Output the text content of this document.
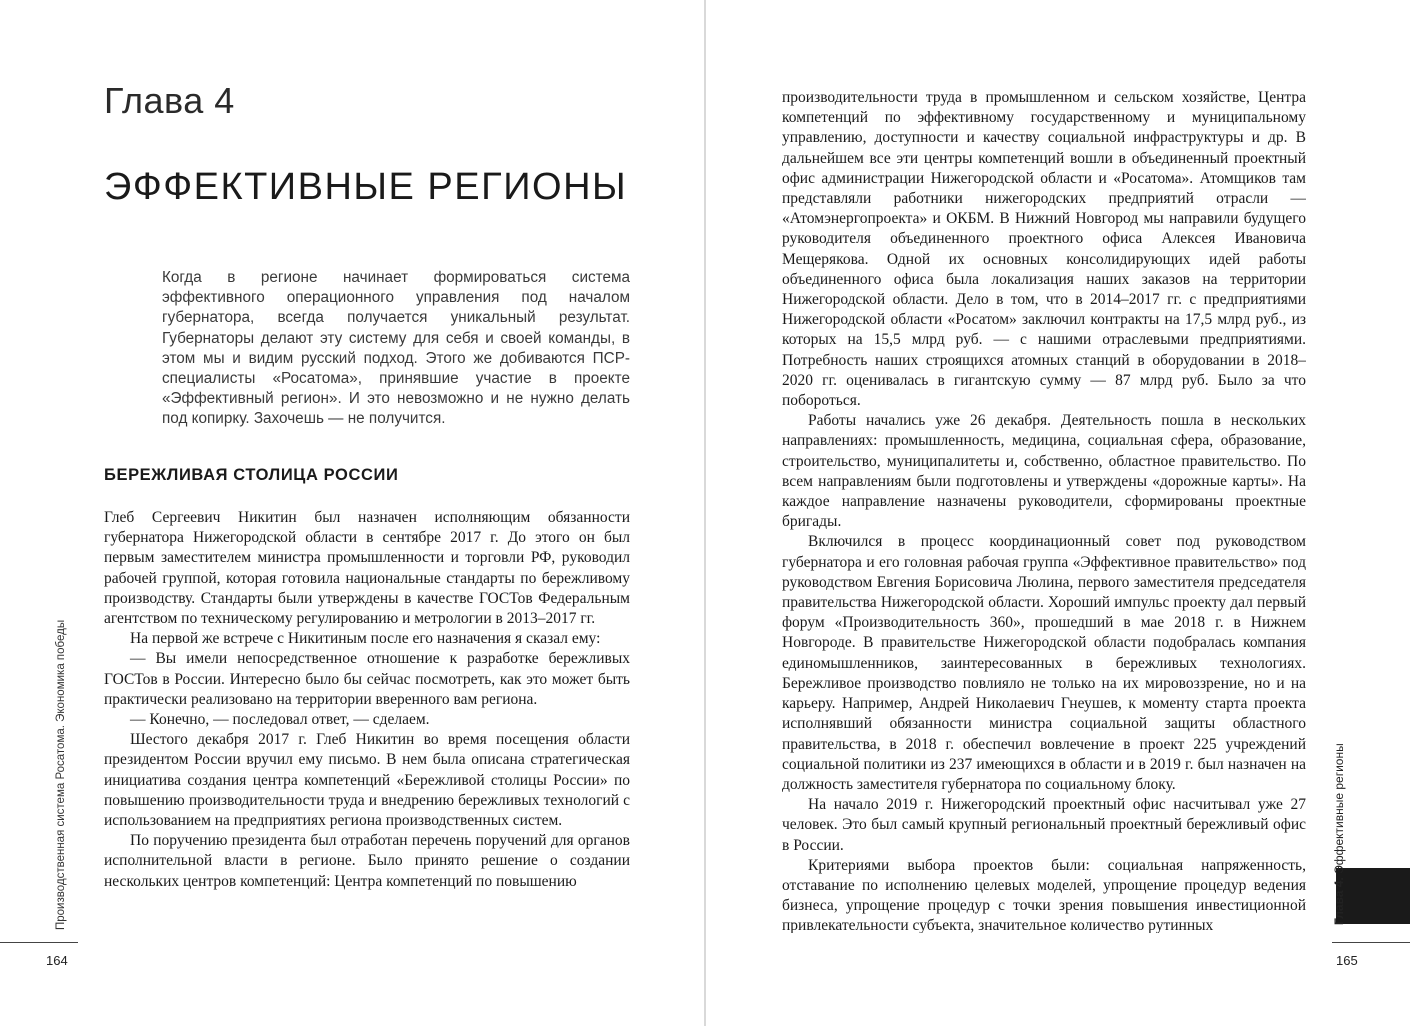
Глава 4
ЭФФЕКТИВНЫЕ РЕГИОНЫ

Когда в регионе начинает формироваться система эффективного операционного управления под началом губернатора, всегда получается уникальный результат. Губернаторы делают эту систему для себя и своей команды, в этом мы и видим русский подход. Этого же добиваются ПСР-специалисты «Росатома», принявшие участие в проекте «Эффективный регион». И это невозможно и не нужно делать под копирку. Захочешь — не получится.

БЕРЕЖЛИВАЯ СТОЛИЦА РОССИИ

Глеб Сергеевич Никитин был назначен исполняющим обязанности губернатора Нижегородской области в сентябре 2017 г. До этого он был первым заместителем министра промышленности и торговли РФ, руководил рабочей группой, которая готовила национальные стандарты по бережливому производству. Стандарты были утверждены в качестве ГОСТов Федеральным агентством по техническому регулированию и метрологии в 2013–2017 гг.

На первой же встрече с Никитиным после его назначения я сказал ему:

— Вы имели непосредственное отношение к разработке бережливых ГОСТов в России. Интересно было бы сейчас посмотреть, как это может быть практически реализовано на территории вверенного вам региона.

— Конечно, — последовал ответ, — сделаем.

Шестого декабря 2017 г. Глеб Никитин во время посещения области президентом России вручил ему письмо. В нем была описана стратегическая инициатива создания центра компетенций «Бережливой столицы России» по повышению производительности труда и внедрению бережливых технологий с использованием на предприятиях региона производственных систем.

По поручению президента был отработан перечень поручений для органов исполнительной власти в регионе. Было принято решение о создании нескольких центров компетенций: Центра компетенций по повышению

Производственная система Росатома. Экономика победы
164

производительности труда в промышленном и сельском хозяйстве, Центра компетенций по эффективному государственному и муниципальному управлению, доступности и качеству социальной инфраструктуры и др. В дальнейшем все эти центры компетенций вошли в объединенный проектный офис администрации Нижегородской области и «Росатома». Атомщиков там представляли работники нижегородских предприятий отрасли — «Атомэнергопроекта» и ОКБМ. В Нижний Новгород мы направили будущего руководителя объединенного проектного офиса Алексея Ивановича Мещерякова. Одной их основных консолидирующих идей работы объединенного офиса была локализация наших заказов на территории Нижегородской области. Дело в том, что в 2014–2017 гг. с предприятиями Нижегородской области «Росатом» заключил контракты на 17,5 млрд руб., из которых на 15,5 млрд руб. — с нашими отраслевыми предприятиями. Потребность наших строящихся атомных станций в оборудовании в 2018–2020 гг. оценивалась в гигантскую сумму — 87 млрд руб. Было за что побороться.

Работы начались уже 26 декабря. Деятельность пошла в нескольких направлениях: промышленность, медицина, социальная сфера, образование, строительство, муниципалитеты и, собственно, областное правительство. По всем направлениям были подготовлены и утверждены «дорожные карты». На каждое направление назначены руководители, сформированы проектные бригады.

Включился в процесс координационный совет под руководством губернатора и его головная рабочая группа «Эффективное правительство» под руководством Евгения Борисовича Люлина, первого заместителя председателя правительства Нижегородской области. Хороший импульс проекту дал первый форум «Производительность 360», прошедший в мае 2018 г. в Нижнем Новгороде. В правительстве Нижегородской области подобралась компания единомышленников, заинтересованных в бережливых технологиях. Бережливое производство повлияло не только на их мировоззрение, но и на карьеру. Например, Андрей Николаевич Гнеушев, к моменту старта проекта исполнявший обязанности министра социальной защиты областного правительства, в 2018 г. обеспечил вовлечение в проект 225 учреждений социальной политики из 237 имеющихся в области и в 2019 г. был назначен на должность заместителя губернатора по социальному блоку.

На начало 2019 г. Нижегородский проектный офис насчитывал уже 27 человек. Это был самый крупный региональный проектный бережливый офис в России.

Критериями выбора проектов были: социальная напряженность, отставание по исполнению целевых моделей, упрощение процедур ведения бизнеса, упрощение процедур с точки зрения повышения инвестиционной привлекательности субъекта, значительное количество рутинных

Глава 4. Эффективные регионы
165
